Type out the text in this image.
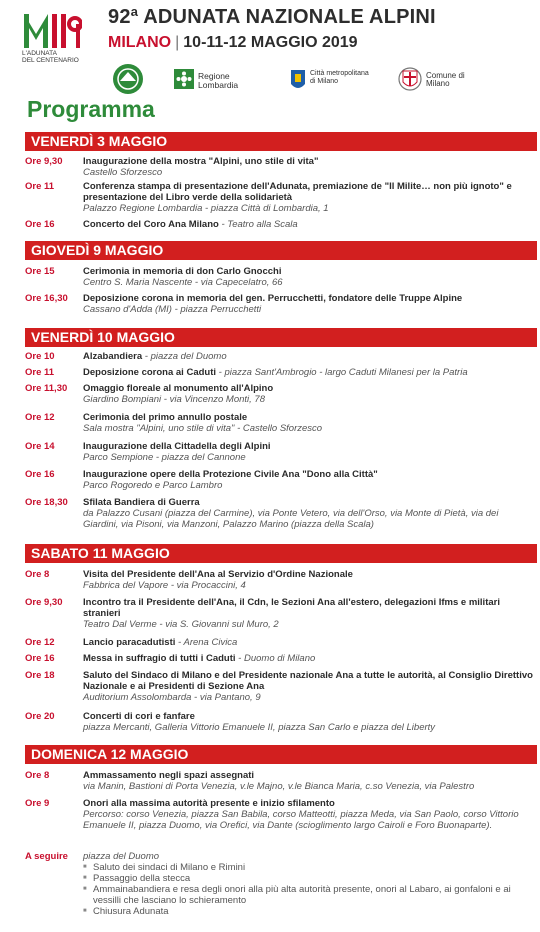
L'ADUNATA
DEL CENTENARIO
92ª ADUNATA NAZIONALE ALPINI
MILANO | 10-11-12 MAGGIO 2019
Regione Lombardia
Città metropolitana di Milano
Comune di Milano
Programma
VENERDÌ 3 MAGGIO
Ore 9,30 Inaugurazione della mostra "Alpini, uno stile di vita"
Castello Sforzesco
Ore 11	Conferenza stampa di presentazione dell'Adunata, premiazione de "Il Milite… non più ignoto" e presentazione del Libro verde della solidarietà
Palazzo Regione Lombardia - piazza Città di Lombardia, 1
Ore 16	Concerto del Coro Ana Milano - Teatro alla Scala
GIOVEDÌ 9 MAGGIO
Ore 15	Cerimonia in memoria di don Carlo Gnocchi
Centro S. Maria Nascente - via Capecelatro, 66
Ore 16,30 Deposizione corona in memoria del gen. Perrucchetti, fondatore delle Truppe Alpine
Cassano d'Adda (MI) - piazza Perrucchetti
VENERDÌ 10 MAGGIO
Ore 10	Alzabandiera - piazza del Duomo
Ore 11	Deposizione corona ai Caduti - piazza Sant'Ambrogio - largo Caduti Milanesi per la Patria
Ore 11,30 Omaggio floreale al monumento all'Alpino
Giardino Bompiani - via Vincenzo Monti, 78
Ore 12	Cerimonia del primo annullo postale
Sala mostra "Alpini, uno stile di vita" - Castello Sforzesco
Ore 14	Inaugurazione della Cittadella degli Alpini
Parco Sempione - piazza del Cannone
Ore 16	Inaugurazione opere della Protezione Civile Ana "Dono alla Città"
Parco Rogoredo e Parco Lambro
Ore 18,30 Sfilata Bandiera di Guerra
da Palazzo Cusani (piazza del Carmine), via Ponte Vetero, via dell'Orso, via Monte di Pietà, via dei Giardini, via Pisoni, via Manzoni, Palazzo Marino (piazza della Scala)
SABATO 11 MAGGIO
Ore 8	Visita del Presidente dell'Ana al Servizio d'Ordine Nazionale
Fabbrica del Vapore - via Procaccini, 4
Ore 9,30 Incontro tra il Presidente dell'Ana, il Cdn, le Sezioni Ana all'estero, delegazioni Ifms e militari stranieri
Teatro Dal Verme - via S. Giovanni sul Muro, 2
Ore 12	Lancio paracadutisti - Arena Civica
Ore 16	Messa in suffragio di tutti i Caduti - Duomo di Milano
Ore 18	Saluto del Sindaco di Milano e del Presidente nazionale Ana a tutte le autorità, al Consiglio Direttivo Nazionale e ai Presidenti di Sezione Ana
Auditorium Assolombarda - via Pantano, 9
Ore 20	Concerti di cori e fanfare
piazza Mercanti, Galleria Vittorio Emanuele II, piazza San Carlo e piazza del Liberty
DOMENICA 12 MAGGIO
Ore 8	Ammassamento negli spazi assegnati
via Manin, Bastioni di Porta Venezia, v.le Majno, v.le Bianca Maria, c.so Venezia, via Palestro
Ore 9	Onori alla massima autorità presente e inizio sfilamento
Percorso: corso Venezia, piazza San Babila, corso Matteotti, piazza Meda, via San Paolo, corso Vittorio Emanuele II, piazza Duomo, via Orefici, via Dante (scioglimento largo Cairoli e Foro Buonaparte).
A seguire piazza del Duomo
■ Saluto dei sindaci di Milano e Rimini
■ Passaggio della stecca
■ Ammainabandiera e resa degli onori alla più alta autorità presente, onori al Labaro, ai gonfaloni e ai vessilli che lasciano lo schieramento
■ Chiusura Adunata
